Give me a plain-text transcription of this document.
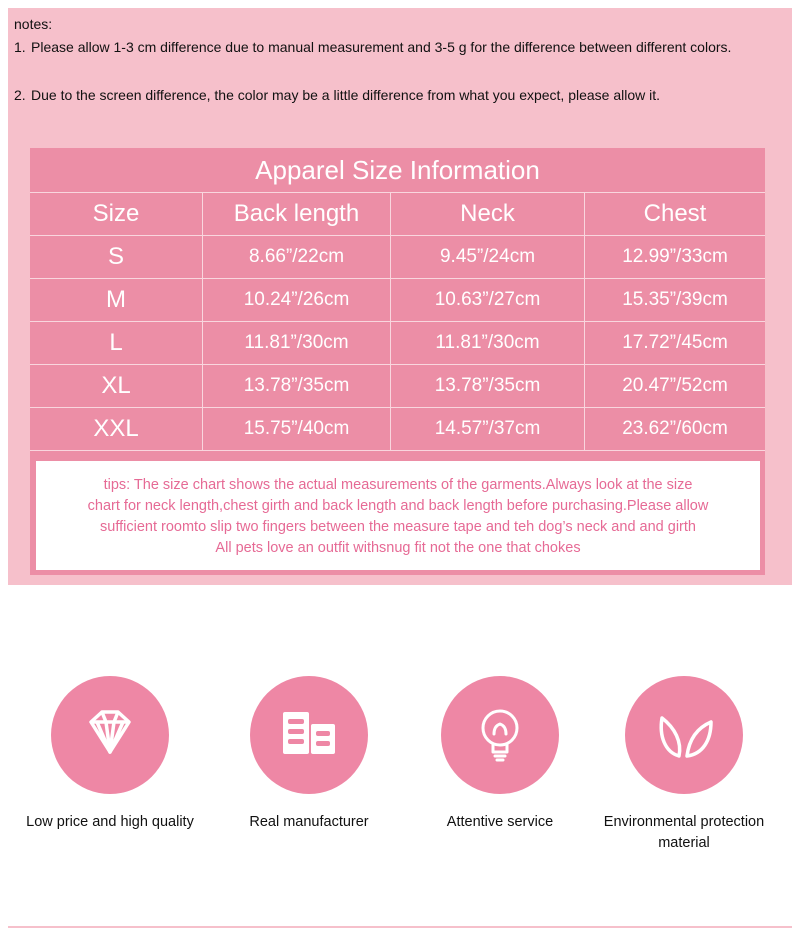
notes:
1. Please allow 1-3 cm difference due to manual measurement and 3-5 g for the difference between different colors.
2. Due to the screen difference, the color may be a little difference from what you expect, please allow it.
Apparel Size Information
Size	Back length	Neck	Chest
S	8.66”/22cm	9.45”/24cm	12.99”/33cm
M	10.24”/26cm	10.63”/27cm	15.35”/39cm
L	11.81”/30cm	11.81”/30cm	17.72”/45cm
XL	13.78”/35cm	13.78”/35cm	20.47”/52cm
XXL	15.75”/40cm	14.57”/37cm	23.62”/60cm
tips: The size chart shows the actual measurements of the garments.Always look at the size
chart for neck length,chest girth and back length and back length before purchasing.Please allow
sufficient roomto slip two fingers between the measure tape and teh dog’s neck and and girth
All pets love an outfit withsnug fit not the one that chokes
Low price and high quality	Real manufacturer	Attentive service	Environmental protection material
